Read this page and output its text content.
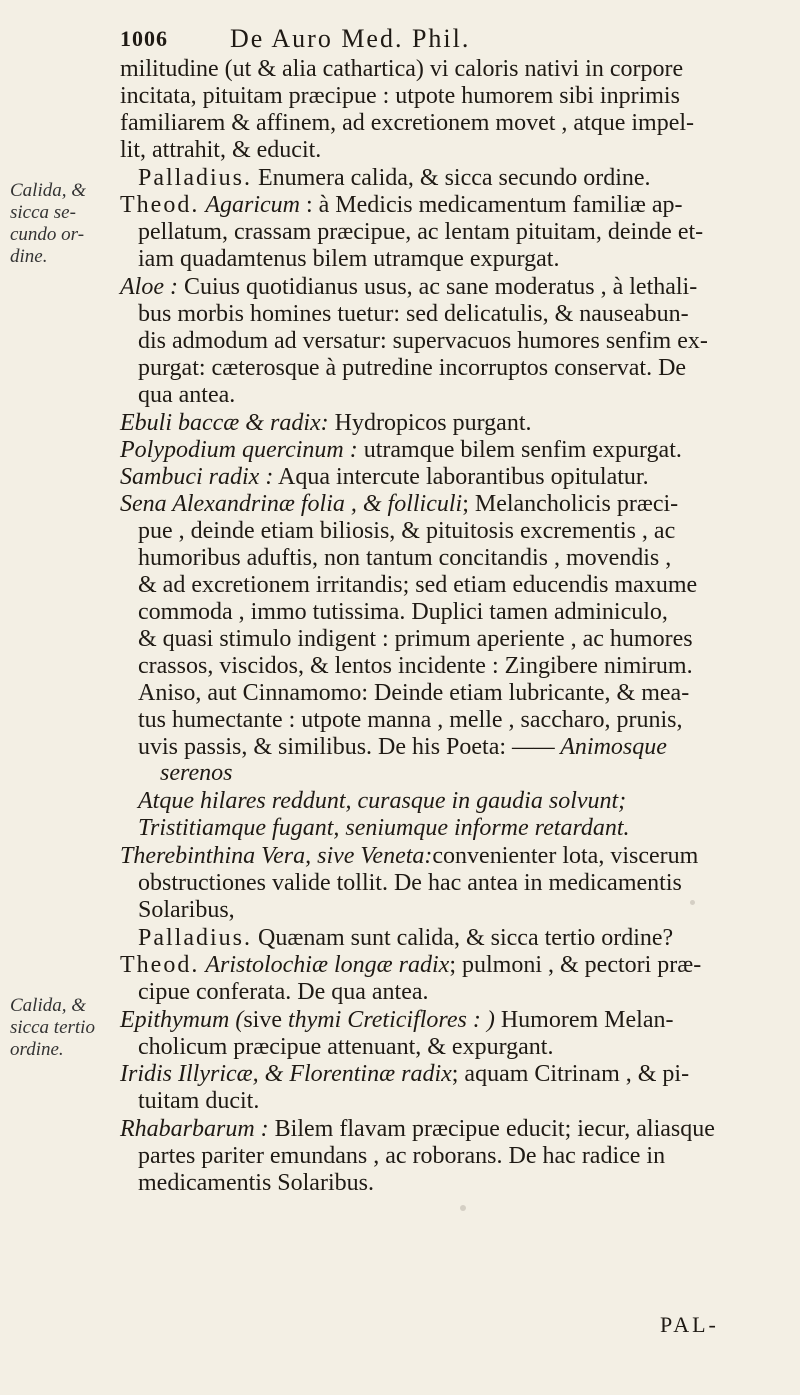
1006 De Auro Med. Phil.
Calida, &
sicca se-
cundo or-
dine.
Calida, &
sicca tertio
ordine.
militudine (ut & alia cathartica) vi caloris nativi in corpore
incitata, pituitam præcipue : utpote humorem sibi inprimis
familiarem & affinem, ad excretionem movet , atque impel-
lit, attrahit, & educit.
Palladius. Enumera calida, & sicca secundo ordine.
Theod. Agaricum : à Medicis medicamentum familiæ ap-
pellatum, crassam præcipue, ac lentam pituitam, deinde et-
iam quadamtenus bilem utramque expurgat.
Aloe : Cuius quotidianus usus, ac sane moderatus , à lethali-
bus morbis homines tuetur: sed delicatulis, & nauseabun-
dis admodum ad versatur: supervacuos humores senfim ex-
purgat: cæterosque à putredine incorruptos conservat. De
qua antea.
Ebuli baccæ & radix: Hydropicos purgant.
Polypodium quercinum : utramque bilem senfim expurgat.
Sambuci radix : Aqua intercute laborantibus opitulatur.
Sena Alexandrinæ folia , & folliculi; Melancholicis præci-
pue , deinde etiam biliosis, & pituitosis excrementis , ac
humoribus aduftis, non tantum concitandis , movendis ,
& ad excretionem irritandis; sed etiam educendis maxume
commoda , immo tutissima. Duplici tamen adminiculo,
& quasi stimulo indigent : primum aperiente , ac humores
crassos, viscidos, & lentos incidente : Zingibere nimirum.
Aniso, aut Cinnamomo: Deinde etiam lubricante, & mea-
tus humectante : utpote manna , melle , saccharo, prunis,
uvis passis, & similibus. De his Poeta: —— Animosque
serenos
Atque hilares reddunt, curasque in gaudia solvunt;
Tristitiamque fugant, seniumque informe retardant.
Therebinthina Vera, sive Veneta:convenienter lota, viscerum
obstructiones valide tollit. De hac antea in medicamentis
Solaribus,
Palladius. Quænam sunt calida, & sicca tertio ordine?
Theod. Aristolochiæ longæ radix; pulmoni , & pectori præ-
cipue conferata. De qua antea.
Epithymum (sive thymi Creticiflores : ) Humorem Melan-
cholicum præcipue attenuant, & expurgant.
Iridis Illyricæ, & Florentinæ radix; aquam Citrinam , & pi-
tuitam ducit.
Rhabarbarum : Bilem flavam præcipue educit; iecur, aliasque
partes pariter emundans , ac roborans. De hac radice in
medicamentis Solaribus.
PAL-
